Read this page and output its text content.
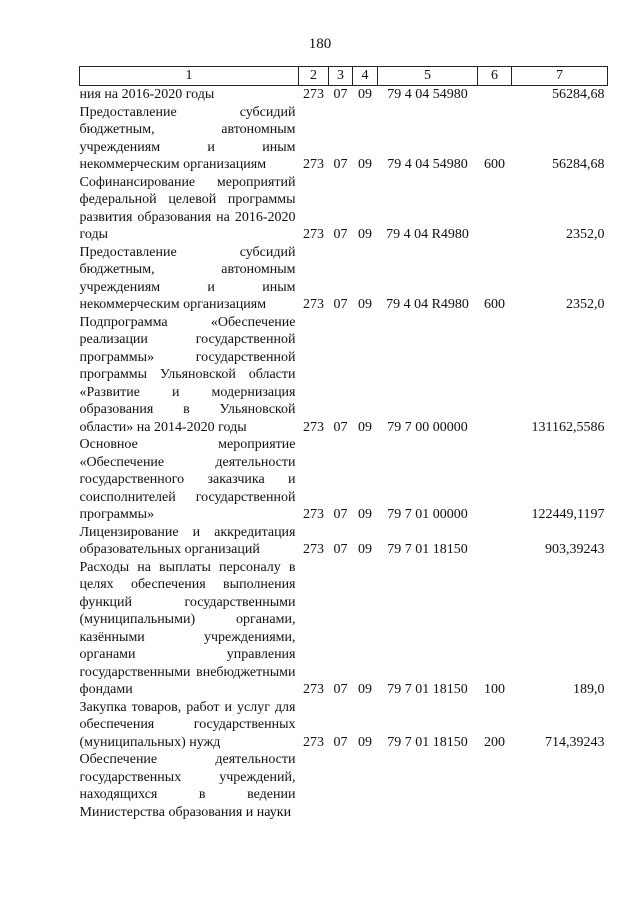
180
1	2	3	4	5	6	7
ния на 2016-2020 годы	273	07	09	79 4 04 54980		56284,68
Предоставление субсидий бюджетным, автономным учреждениям и иным некоммерческим организациям	273	07	09	79 4 04 54980	600	56284,68
Софинансирование мероприятий федеральной целевой программы развития образования на 2016-2020 годы	273	07	09	79 4 04 R4980		2352,0
Предоставление субсидий бюджетным, автономным учреждениям и иным некоммерческим организациям	273	07	09	79 4 04 R4980	600	2352,0
Подпрограмма «Обеспечение реализации государственной программы» государственной программы Ульяновской области «Развитие и модернизация образования в Ульяновской области» на 2014-2020 годы	273	07	09	79 7 00 00000		131162,5586
Основное мероприятие «Обеспечение деятельности государственного заказчика и соисполнителей государственной программы»	273	07	09	79 7 01 00000		122449,1197
Лицензирование и аккредитация образовательных организаций	273	07	09	79 7 01 18150		903,39243
Расходы на выплаты персоналу в целях обеспечения выполнения функций государственными (муниципальными) органами, казёнными учреждениями, органами управления государственными внебюджетными фондами	273	07	09	79 7 01 18150	100	189,0
Закупка товаров, работ и услуг для обеспечения государственных (муниципальных) нужд	273	07	09	79 7 01 18150	200	714,39243
Обеспечение деятельности государственных учреждений, находящихся в ведении Министерства образования и науки						
